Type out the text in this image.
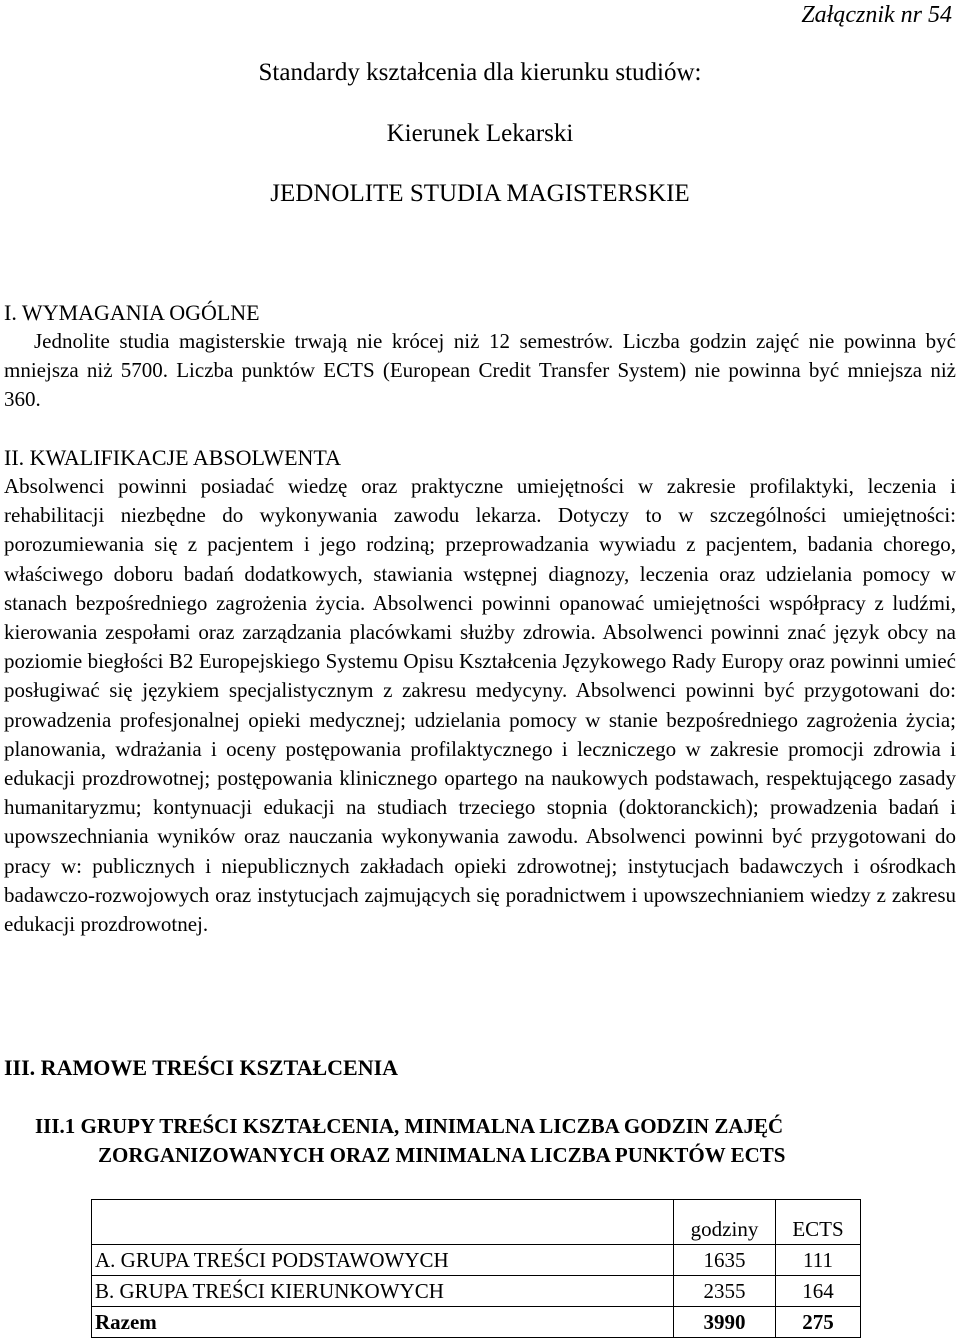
Załącznik nr 54
Standardy kształcenia dla kierunku studiów:
Kierunek Lekarski
JEDNOLITE STUDIA MAGISTERSKIE
I. WYMAGANIA OGÓLNE
Jednolite studia magisterskie trwają nie krócej niż 12 semestrów. Liczba godzin zajęć nie powinna być mniejsza niż 5700. Liczba punktów ECTS (European Credit Transfer System) nie powinna być mniejsza niż 360.
II. KWALIFIKACJE ABSOLWENTA
Absolwenci powinni posiadać wiedzę oraz praktyczne umiejętności w zakresie profilaktyki, leczenia i rehabilitacji niezbędne do wykonywania zawodu lekarza. Dotyczy to w szczególności umiejętności: porozumiewania się z pacjentem i jego rodziną; przeprowadzania wywiadu z pacjentem, badania chorego, właściwego doboru badań dodatkowych, stawiania wstępnej diagnozy, leczenia oraz udzielania pomocy w stanach bezpośredniego zagrożenia życia. Absolwenci powinni opanować umiejętności współpracy z ludźmi, kierowania zespołami oraz zarządzania placówkami służby zdrowia. Absolwenci powinni znać język obcy na poziomie biegłości B2 Europejskiego Systemu Opisu Kształcenia Językowego Rady Europy oraz powinni umieć posługiwać się językiem specjalistycznym z zakresu medycyny. Absolwenci powinni być przygotowani do: prowadzenia profesjonalnej opieki medycznej; udzielania pomocy w stanie bezpośredniego zagrożenia życia; planowania, wdrażania i oceny postępowania profilaktycznego i leczniczego w zakresie promocji zdrowia i edukacji prozdrowotnej; postępowania klinicznego opartego na naukowych podstawach, respektującego zasady humanitaryzmu; kontynuacji edukacji na studiach trzeciego stopnia (doktoranckich); prowadzenia badań i upowszechniania wyników oraz nauczania wykonywania zawodu. Absolwenci powinni być przygotowani do pracy w: publicznych i niepublicznych zakładach opieki zdrowotnej; instytucjach badawczych i ośrodkach badawczo-rozwojowych oraz instytucjach zajmujących się poradnictwem i upowszechnianiem wiedzy z zakresu edukacji prozdrowotnej.
III. RAMOWE TREŚCI KSZTAŁCENIA
III.1 GRUPY TREŚCI KSZTAŁCENIA, MINIMALNA LICZBA GODZIN ZAJĘĆ
ZORGANIZOWANYCH ORAZ MINIMALNA LICZBA PUNKTÓW ECTS
	godziny	ECTS
A. GRUPA TREŚCI PODSTAWOWYCH	1635	111
B. GRUPA TREŚCI KIERUNKOWYCH	2355	164
Razem	3990	275
